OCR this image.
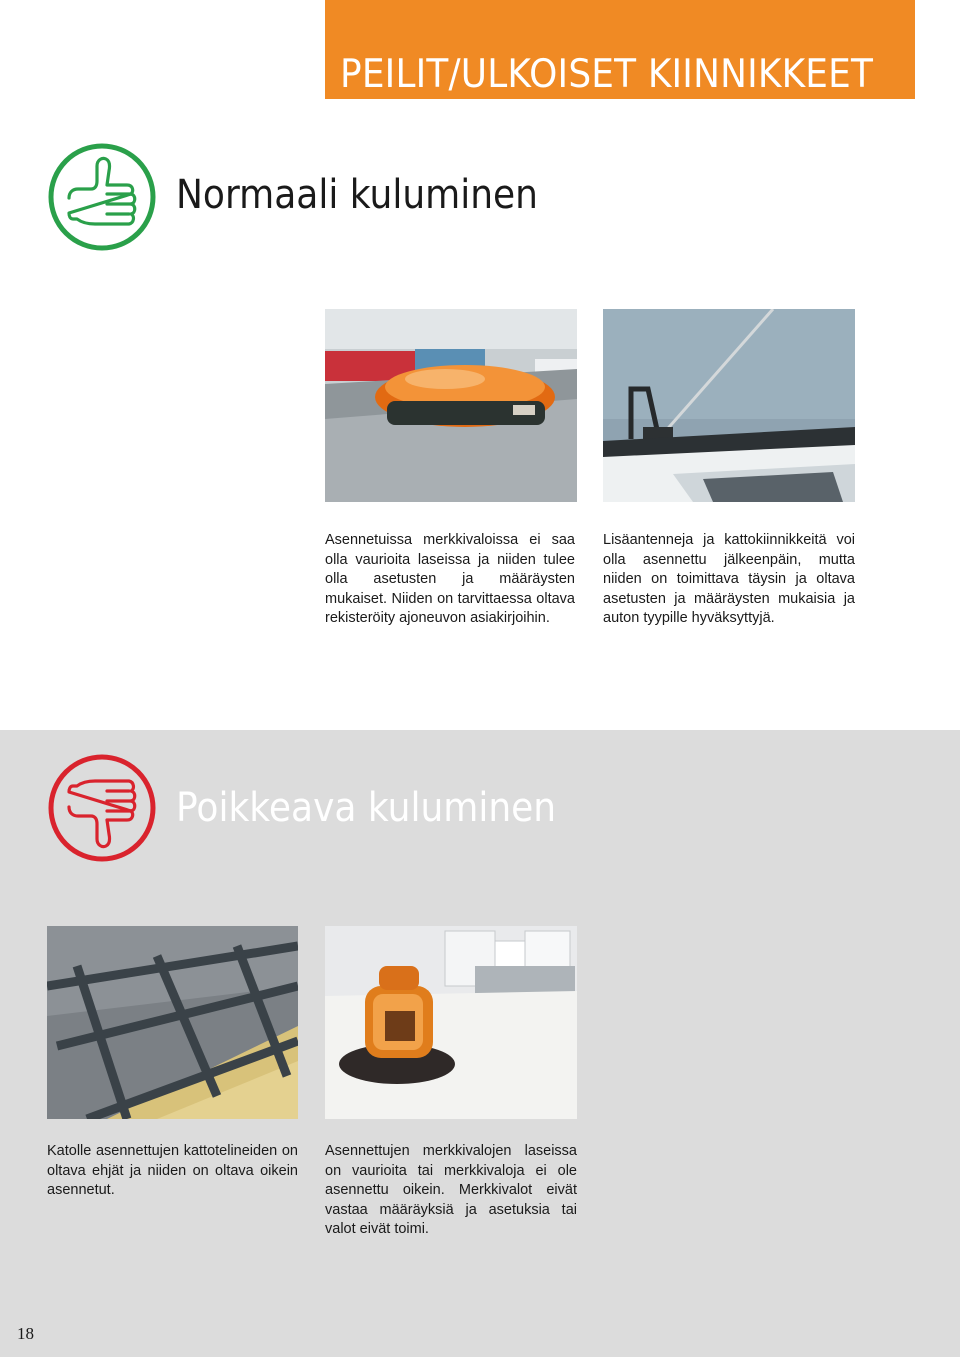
PEILIT/ULKOISET KIINNIKKEET
Normaali kuluminen

Asennetuissa merkkivaloissa ei saa olla vaurioita laseissa ja niiden tulee olla asetusten ja määräysten mukaiset. Niiden on tarvittaessa oltava rekisteröity ajoneuvon asiakirjoihin.

Lisäantenneja ja kattokiinnikkeitä voi olla asennettu jälkeenpäin, mutta niiden on toimittava täysin ja oltava asetusten ja määräysten mukaisia ja auton tyypille hyväksyttyjä.

Poikkeava kuluminen

Katolle asennettujen kattotelineiden on oltava ehjät ja niiden on oltava oikein asennetut.

Asennettujen merkkivalojen laseissa on vaurioita tai merkkivaloja ei ole asennettu oikein. Merkkivalot eivät vastaa määräyksiä ja asetuksia tai valot eivät toimi.

18
